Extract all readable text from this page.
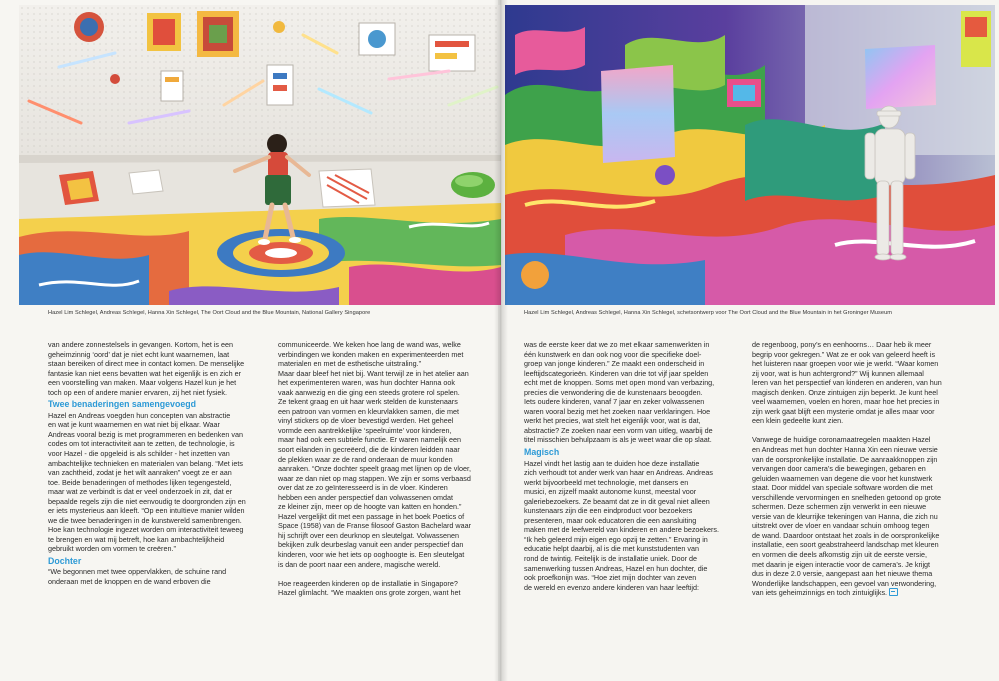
Hazel Lim Schlegel, Andreas Schlegel, Hanna Xin Schlegel, The Oort Cloud and the Blue Mountain, National Gallery Singapore

van andere zonnestelsels in gevangen. Kortom, het is een

geheimzinnig ‘oord’ dat je niet echt kunt waarnemen, laat

staan bereiken of direct mee in contact komen. De menselijke

fantasie kan niet eens bevatten wat het eigenlijk is en zich er

een voorstelling van maken. Maar volgens Hazel kun je het

toch op een of andere manier ervaren, zij het niet fysiek.

Twee benaderingen samengevoegd

Hazel en Andreas voegden hun concepten van abstractie

en wat je kunt waarnemen en wat niet bij elkaar. Waar

Andreas vooral bezig is met programmeren en bedenken van

codes om tot interactiviteit aan te zetten, de technologie, is

voor Hazel - die opgeleid is als schilder - het inzetten van

ambachtelijke technieken en materialen van belang. “Met iets

van zachtheid, zodat je het wilt aanraken” voegt ze er aan

toe. Beide benaderingen of methodes lijken tegengesteld,

maar wat ze verbindt is dat er veel onderzoek in zit, dat er

bepaalde regels zijn die niet eenvoudig te doorgronden zijn en

er iets mysterieus aan kleeft. “Op een intuïtieve manier wilden

we die twee benaderingen in de kunstwereld samenbrengen.

Hoe kan technologie ingezet worden om interactiviteit teweeg

te brengen en wat mij betreft, hoe kan ambachtelijkheid

gebruikt worden om vormen te creëren.”

Dochter

“We begonnen met twee oppervlakken, de schuine rand

onderaan met de knoppen en de wand erboven die

communiceerde. We keken hoe lang de wand was, welke

verbindingen we konden maken en experimenteerden met

materialen en met de esthetische uitstraling.”

Maar daar bleef het niet bij. Want terwijl ze in het atelier aan

het experimenteren waren, was hun dochter Hanna ook

vaak aanwezig en die ging een steeds grotere rol spelen.

Ze tekent graag en uit haar werk stelden de kunstenaars

een patroon van vormen en kleurvlakken samen, die met

vinyl stickers op de vloer bevestigd werden. Het geheel

vormde een aantrekkelijke ‘speelruimte’ voor kinderen,

maar had ook een subtiele functie. Er waren namelijk een

soort eilanden in gecreëerd, die de kinderen leidden naar

de plekken waar ze de rand onderaan de muur konden

aanraken. “Onze dochter speelt graag met lijnen op de vloer,

waar ze dan niet op mag stappen. We zijn er soms verbaasd

over dat ze zo geïnteresseerd is in de vloer. Kinderen

hebben een ander perspectief dan volwassenen omdat

ze kleiner zijn, meer op de hoogte van katten en honden.”

Hazel vergelijkt dit met een passage in het boek Poetics of

Space (1958) van de Franse filosoof Gaston Bachelard waar

hij schrijft over een deurknop en sleutelgat. Volwassenen

bekijken zulk deurbeslag vanuit een ander perspectief dan

kinderen, voor wie het iets op ooghoogte is. Een sleutelgat

is dan de poort naar een andere, magische wereld.

Hoe reageerden kinderen op de installatie in Singapore?

Hazel glimlacht. “We maakten ons grote zorgen, want het

Hazel Lim Schlegel, Andreas Schlegel, Hanna Xin Schlegel, schetsontwerp voor The Oort Cloud and the Blue Mountain in het Groninger Museum

was de eerste keer dat we zo met elkaar samenwerkten in

één kunstwerk en dan ook nog voor die specifieke doel-

groep van jonge kinderen.” Ze maakt een onderscheid in

leeftijdscategorieën. Kinderen van drie tot vijf jaar spelden

echt met de knoppen. Soms met open mond van verbazing,

precies die verwondering die de kunstenaars beoogden.

Iets oudere kinderen, vanaf 7 jaar en zeker volwassenen

waren vooral bezig met het zoeken naar verklaringen. Hoe

werkt het precies, wat stelt het eigenlijk voor, wat is dat,

abstractie? Ze zoeken naar een vorm van uitleg, waarbij de

titel misschien behulpzaam is als je weet waar die op slaat.

Magisch

Hazel vindt het lastig aan te duiden hoe deze installatie

zich verhoudt tot ander werk van haar en Andreas. Andreas

werkt bijvoorbeeld met technologie, met dansers en

musici, en zijzelf maakt autonome kunst, meestal voor

galeriebezoekers. Ze beaamt dat ze in dit geval niet alleen

kunstenaars zijn die een eindproduct voor bezoekers

presenteren, maar ook educatoren die een aansluiting

maken met de leefwereld van kinderen en andere bezoekers.

“Ik heb geleerd mijn eigen ego opzij te zetten.” Ervaring in

educatie helpt daarbij, al is die met kunststudenten van

rond de twintig. Feitelijk is de installatie uniek. Door de

samenwerking tussen Andreas, Hazel en hun dochter, die

ook proefkonijn was. “Hoe ziet mijn dochter van zeven

de wereld en evenzo andere kinderen van haar leeftijd:

de regenboog, pony’s en eenhoorns… Daar heb ik meer

begrip voor gekregen.” Wat ze er ook van geleerd heeft is

het luisteren naar groepen voor wie je werkt. “Waar komen

zij voor, wat is hun achtergrond?” Wij kunnen allemaal

leren van het perspectief van kinderen en anderen, van hun

magisch denken. Onze zintuigen zijn beperkt. Je kunt heel

veel waarnemen, voelen en horen, maar hoe het precies in

zijn werk gaat blijft een mysterie omdat je alles maar voor

een klein gedeelte kunt zien.

Vanwege de huidige coronamaatregelen maakten Hazel

en Andreas met hun dochter Hanna Xin een nieuwe versie

van de oorspronkelijke installatie. De aanraakknoppen zijn

vervangen door camera’s die bewegingen, gebaren en

geluiden waarnemen van degene die voor het kunstwerk

staat. Door middel van speciale software worden die met

verschillende vervormingen en snelheden getoond op grote

schermen. Deze schermen zijn verwerkt in een nieuwe

versie van de kleurrijke tekeningen van Hanna, die zich nu

uitstrekt over de vloer en vandaar schuin omhoog tegen

de wand. Daardoor ontstaat het zoals in de oorspronkelijke

installatie, een soort geabstraheerd landschap met kleuren

en vormen die deels afkomstig zijn uit de eerste versie,

met daarin je eigen interactie voor de camera’s. Je krijgt

dus in deze 2.0 versie, aangepast aan het nieuwe thema

Wonderlijke landschappen, een gevoel van verwondering,

van iets geheimzinnigs en toch zintuiglijks.
